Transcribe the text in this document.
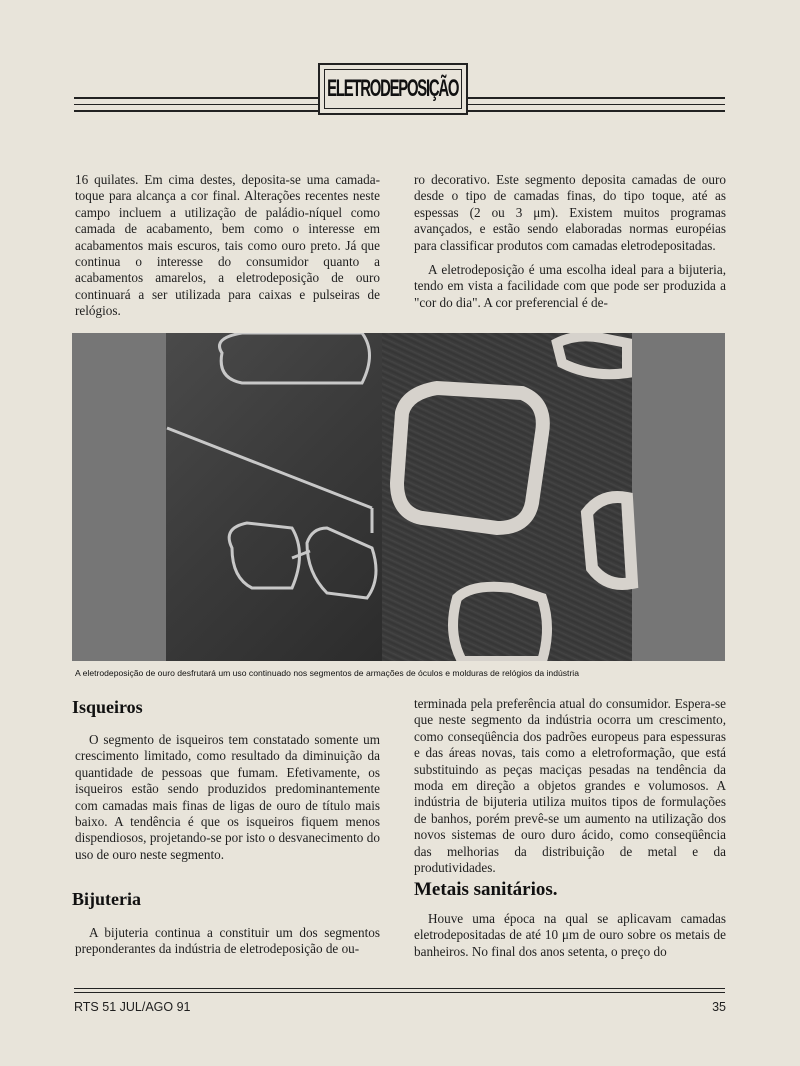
ELETRODEPOSIÇÃO

16 quilates. Em cima destes, deposita-se uma camada-toque para alcança a cor final. Alterações recentes neste campo incluem a utilização de paládio-níquel como camada de acabamento, bem como o interesse em acabamentos mais escuros, tais como ouro preto. Já que continua o interesse do consumidor quanto a acabamentos amarelos, a eletrodeposição de ouro continuará a ser utilizada para caixas e pulseiras de relógios.

ro decorativo. Este segmento deposita camadas de ouro desde o tipo de camadas finas, do tipo toque, até as espessas (2 ou 3 μm). Existem muitos programas avançados, e estão sendo elaboradas normas européias para classificar produtos com camadas eletrodepositadas.

A eletrodeposição é uma escolha ideal para a bijuteria, tendo em vista a facilidade com que pode ser produzida a "cor do dia". A cor preferencial é de-

A eletrodeposição de ouro desfrutará um uso continuado nos segmentos de armações de óculos e molduras de relógios da indústria
Isqueiros

O segmento de isqueiros tem constatado somente um crescimento limitado, como resultado da diminuição da quantidade de pessoas que fumam. Efetivamente, os isqueiros estão sendo produzidos predominantemente com camadas mais finas de ligas de ouro de título mais baixo. A tendência é que os isqueiros fiquem menos dispendiosos, projetando-se por isto o desvanecimento do uso de ouro neste segmento.

Bijuteria

A bijuteria continua a constituir um dos segmentos preponderantes da indústria de eletrodeposição de ou-

terminada pela preferência atual do consumidor. Espera-se que neste segmento da indústria ocorra um crescimento, como conseqüência dos padrões europeus para espessuras e das áreas novas, tais como a eletroformação, que está substituindo as peças maciças pesadas na tendência da moda em direção a objetos grandes e volumosos. A indústria de bijuteria utiliza muitos tipos de formulações de banhos, porém prevê-se um aumento na utilização dos novos sistemas de ouro duro ácido, como conseqüência das melhorias da distribuição de metal e da produtividades.

Metais sanitários.

Houve uma época na qual se aplicavam camadas eletrodepositadas de até 10 μm de ouro sobre os metais de banheiros. No final dos anos setenta, o preço do

RTS 51 JUL/AGO 91	35
